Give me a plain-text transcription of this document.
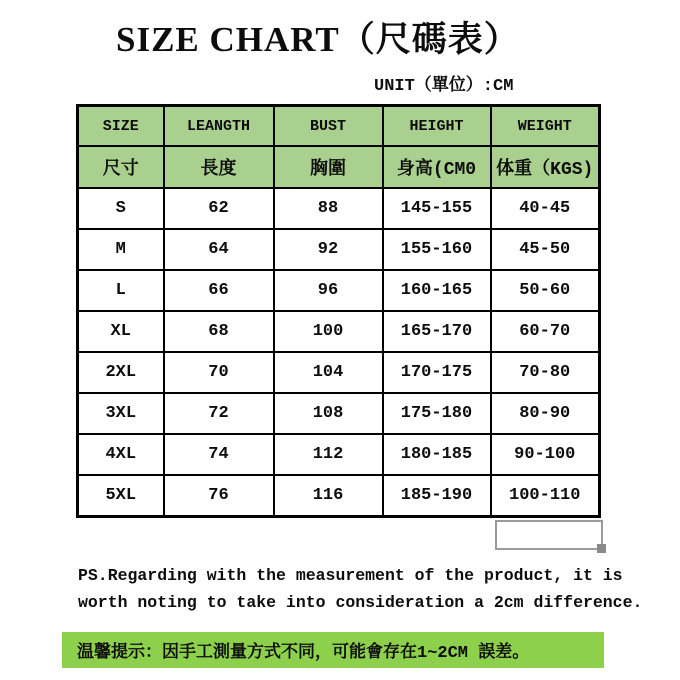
SIZE CHART（尺碼表）
UNIT（單位）:CM
SIZE	LEANGTH	BUST	HEIGHT	WEIGHT
尺寸	長度	胸圍	身高(CM0	体重（KGS)
S	62	88	145-155	40-45
M	64	92	155-160	45-50
L	66	96	160-165	50-60
XL	68	100	165-170	60-70
2XL	70	104	170-175	70-80
3XL	72	108	175-180	80-90
4XL	74	112	180-185	90-100
5XL	76	116	185-190	100-110
PS.Regarding with the measurement of the product, it is
worth noting to take into consideration a 2cm difference.
温馨提示：因手工測量方式不同，可能會存在1~2CM 誤差。
